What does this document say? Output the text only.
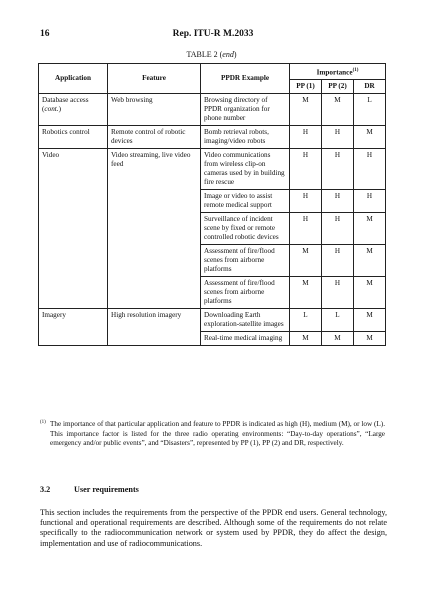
16	Rep. ITU-R M.2033
TABLE 2 (end)
Application	Feature	PPDR Example	Importance$^{(1)}$
			PP (1)	PP (2)	DR
Database access (cont.)	Web browsing	Browsing directory of PPDR organization for phone number	M	M	L
Robotics control	Remote control of robotic devices	Bomb retrieval robots, imaging/video robots	H	H	M
Video	Video streaming, live video feed	Video communications from wireless clip-on cameras used by in building fire rescue	H	H	H
		Image or video to assist remote medical support	H	H	H
		Surveillance of incident scene by fixed or remote controlled robotic devices	H	H	M
		Assessment of fire/flood scenes from airborne platforms	M	H	M
		Assessment of fire/flood scenes from airborne platforms	M	H	M
Imagery	High resolution imagery	Downloading Earth exploration-satellite images	L	L	M
		Real-time medical imaging	M	M	M
(1) The importance of that particular application and feature to PPDR is indicated as high (H), medium (M), or low (L). This importance factor is listed for the three radio operating environments: “Day-to-day operations”, “Large emergency and/or public events”, and “Disasters”, represented by PP (1), PP (2) and DR, respectively.
3.2	User requirements
This section includes the requirements from the perspective of the PPDR end users. General technology, functional and operational requirements are described. Although some of the requirements do not relate specifically to the radiocommunication network or system used by PPDR, they do affect the design, implementation and use of radiocommunications.
